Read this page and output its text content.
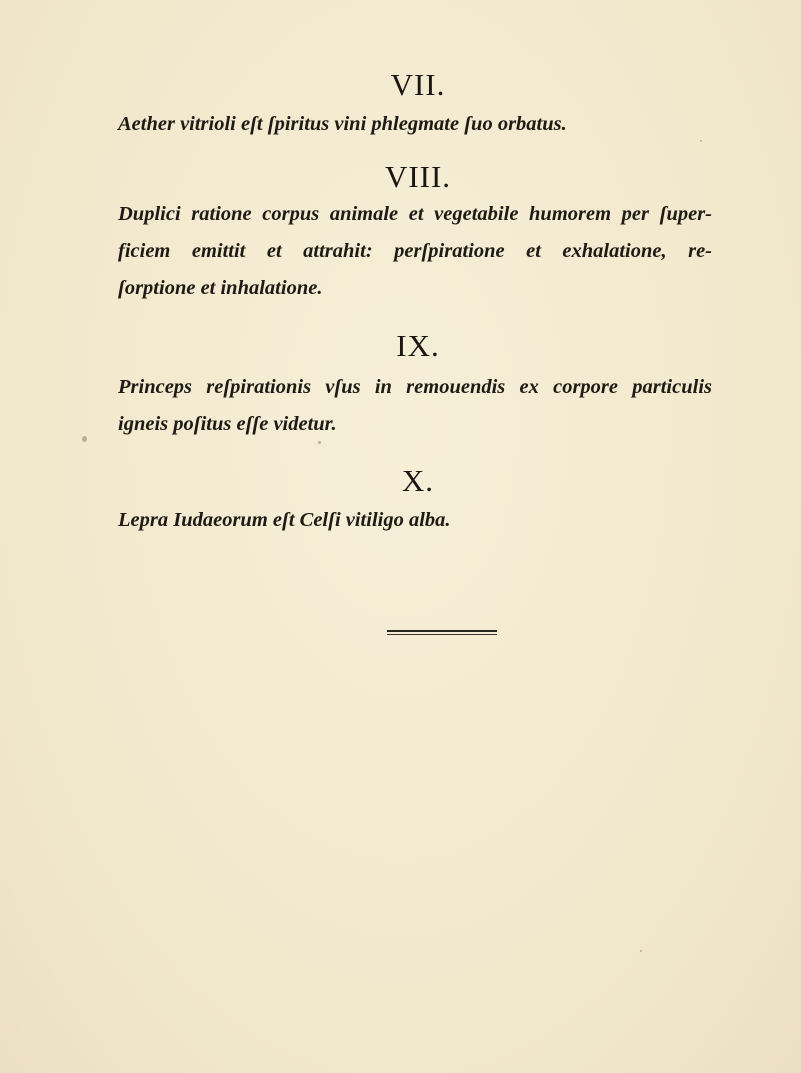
VII.

Aether vitrioli eſt ſpiritus vini phlegmate ſuo orbatus.

VIII.

Duplici ratione corpus animale et vegetabile humorem per ſuper-
ficiem emittit et attrahit: perſpiratione et exhalatione, re-
ſorptione et inhalatione.

IX.

Princeps reſpirationis vſus in remouendis ex corpore particulis
igneis poſitus eſſe videtur.

X.

Lepra Iudaeorum eſt Celſi vitiligo alba.
